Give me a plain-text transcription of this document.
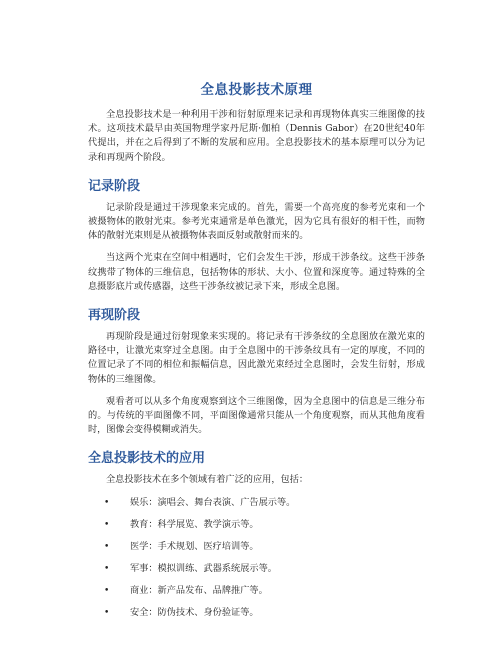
全息投影技术原理

全息投影技术是一种利用干涉和衍射原理来记录和再现物体真实三维图像的技术。这项技术最早由英国物理学家丹尼斯·伽柏（Dennis Gabor）在20世纪40年代提出，并在之后得到了不断的发展和应用。全息投影技术的基本原理可以分为记录和再现两个阶段。

记录阶段

记录阶段是通过干涉现象来完成的。首先，需要一个高亮度的参考光束和一个被摄物体的散射光束。参考光束通常是单色激光，因为它具有很好的相干性，而物体的散射光束则是从被摄物体表面反射或散射而来的。

当这两个光束在空间中相遇时，它们会发生干涉，形成干涉条纹。这些干涉条纹携带了物体的三维信息，包括物体的形状、大小、位置和深度等。通过特殊的全息摄影底片或传感器，这些干涉条纹被记录下来，形成全息图。

再现阶段

再现阶段是通过衍射现象来实现的。将记录有干涉条纹的全息图放在激光束的路径中，让激光束穿过全息图。由于全息图中的干涉条纹具有一定的厚度，不同的位置记录了不同的相位和振幅信息，因此激光束经过全息图时，会发生衍射，形成物体的三维图像。

观看者可以从多个角度观察到这个三维图像，因为全息图中的信息是三维分布的。与传统的平面图像不同，平面图像通常只能从一个角度观察，而从其他角度看时，图像会变得模糊或消失。

全息投影技术的应用

全息投影技术在多个领域有着广泛的应用，包括：

• 娱乐：演唱会、舞台表演、广告展示等。
• 教育：科学展览、教学演示等。
• 医学：手术规划、医疗培训等。
• 军事：模拟训练、武器系统展示等。
• 商业：新产品发布、品牌推广等。
• 安全：防伪技术、身份验证等。
